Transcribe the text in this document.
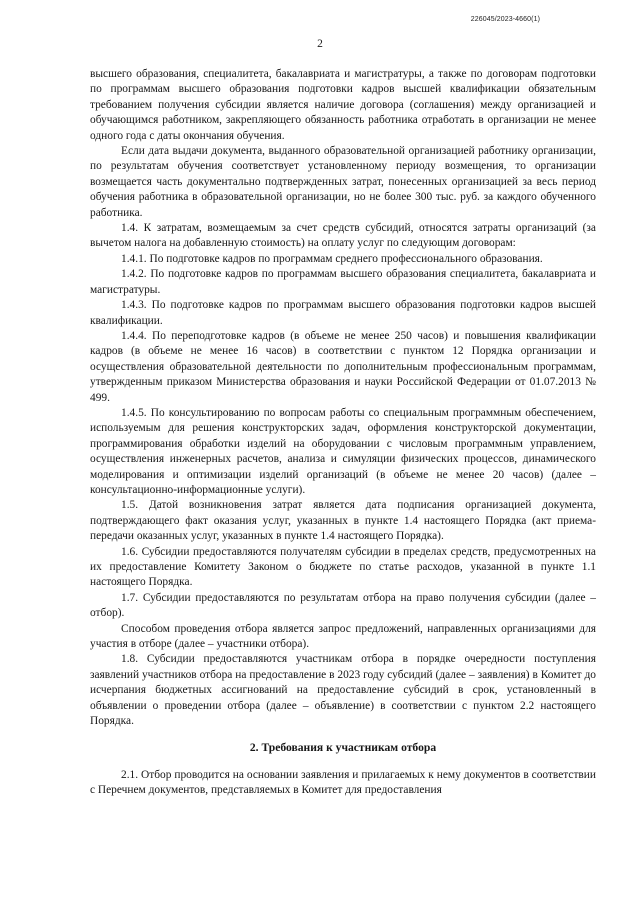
226045/2023-4660(1)
2

высшего образования, специалитета, бакалавриата и магистратуры, а также по договорам подготовки по программам высшего образования подготовки кадров высшей квалификации обязательным требованием получения субсидии является наличие договора (соглашения) между организацией и обучающимся работником, закрепляющего обязанность работника отработать в организации не менее одного года с даты окончания обучения.

Если дата выдачи документа, выданного образовательной организацией работнику организации, по результатам обучения соответствует установленному периоду возмещения, то организации возмещается часть документально подтвержденных затрат, понесенных организацией за весь период обучения работника в образовательной организации, но не более 300 тыс. руб. за каждого обученного работника.

1.4. К затратам, возмещаемым за счет средств субсидий, относятся затраты организаций (за вычетом налога на добавленную стоимость) на оплату услуг по следующим договорам:

1.4.1. По подготовке кадров по программам среднего профессионального образования.

1.4.2. По подготовке кадров по программам высшего образования специалитета, бакалавриата и магистратуры.

1.4.3. По подготовке кадров по программам высшего образования подготовки кадров высшей квалификации.

1.4.4. По переподготовке кадров (в объеме не менее 250 часов) и повышения квалификации кадров (в объеме не менее 16 часов) в соответствии с пунктом 12 Порядка организации и осуществления образовательной деятельности по дополнительным профессиональным программам, утвержденным приказом Министерства образования и науки Российской Федерации от 01.07.2013 № 499.

1.4.5. По консультированию по вопросам работы со специальным программным обеспечением, используемым для решения конструкторских задач, оформления конструкторской документации, программирования обработки изделий на оборудовании с числовым программным управлением, осуществления инженерных расчетов, анализа и симуляции физических процессов, динамического моделирования и оптимизации изделий организаций (в объеме не менее 20 часов) (далее – консультационно-информационные услуги).

1.5. Датой возникновения затрат является дата подписания организацией документа, подтверждающего факт оказания услуг, указанных в пункте 1.4 настоящего Порядка (акт приема-передачи оказанных услуг, указанных в пункте 1.4 настоящего Порядка).

1.6. Субсидии предоставляются получателям субсидии в пределах средств, предусмотренных на их предоставление Комитету Законом о бюджете по статье расходов, указанной в пункте 1.1 настоящего Порядка.

1.7. Субсидии предоставляются по результатам отбора на право получения субсидии (далее – отбор).

Способом проведения отбора является запрос предложений, направленных организациями для участия в отборе (далее – участники отбора).

1.8. Субсидии предоставляются участникам отбора в порядке очередности поступления заявлений участников отбора на предоставление в 2023 году субсидий (далее – заявления) в Комитет до исчерпания бюджетных ассигнований на предоставление субсидий в срок, установленный в объявлении о проведении отбора (далее – объявление) в соответствии с пунктом 2.2 настоящего Порядка.

2. Требования к участникам отбора

2.1. Отбор проводится на основании заявления и прилагаемых к нему документов в соответствии с Перечнем документов, представляемых в Комитет для предоставления
